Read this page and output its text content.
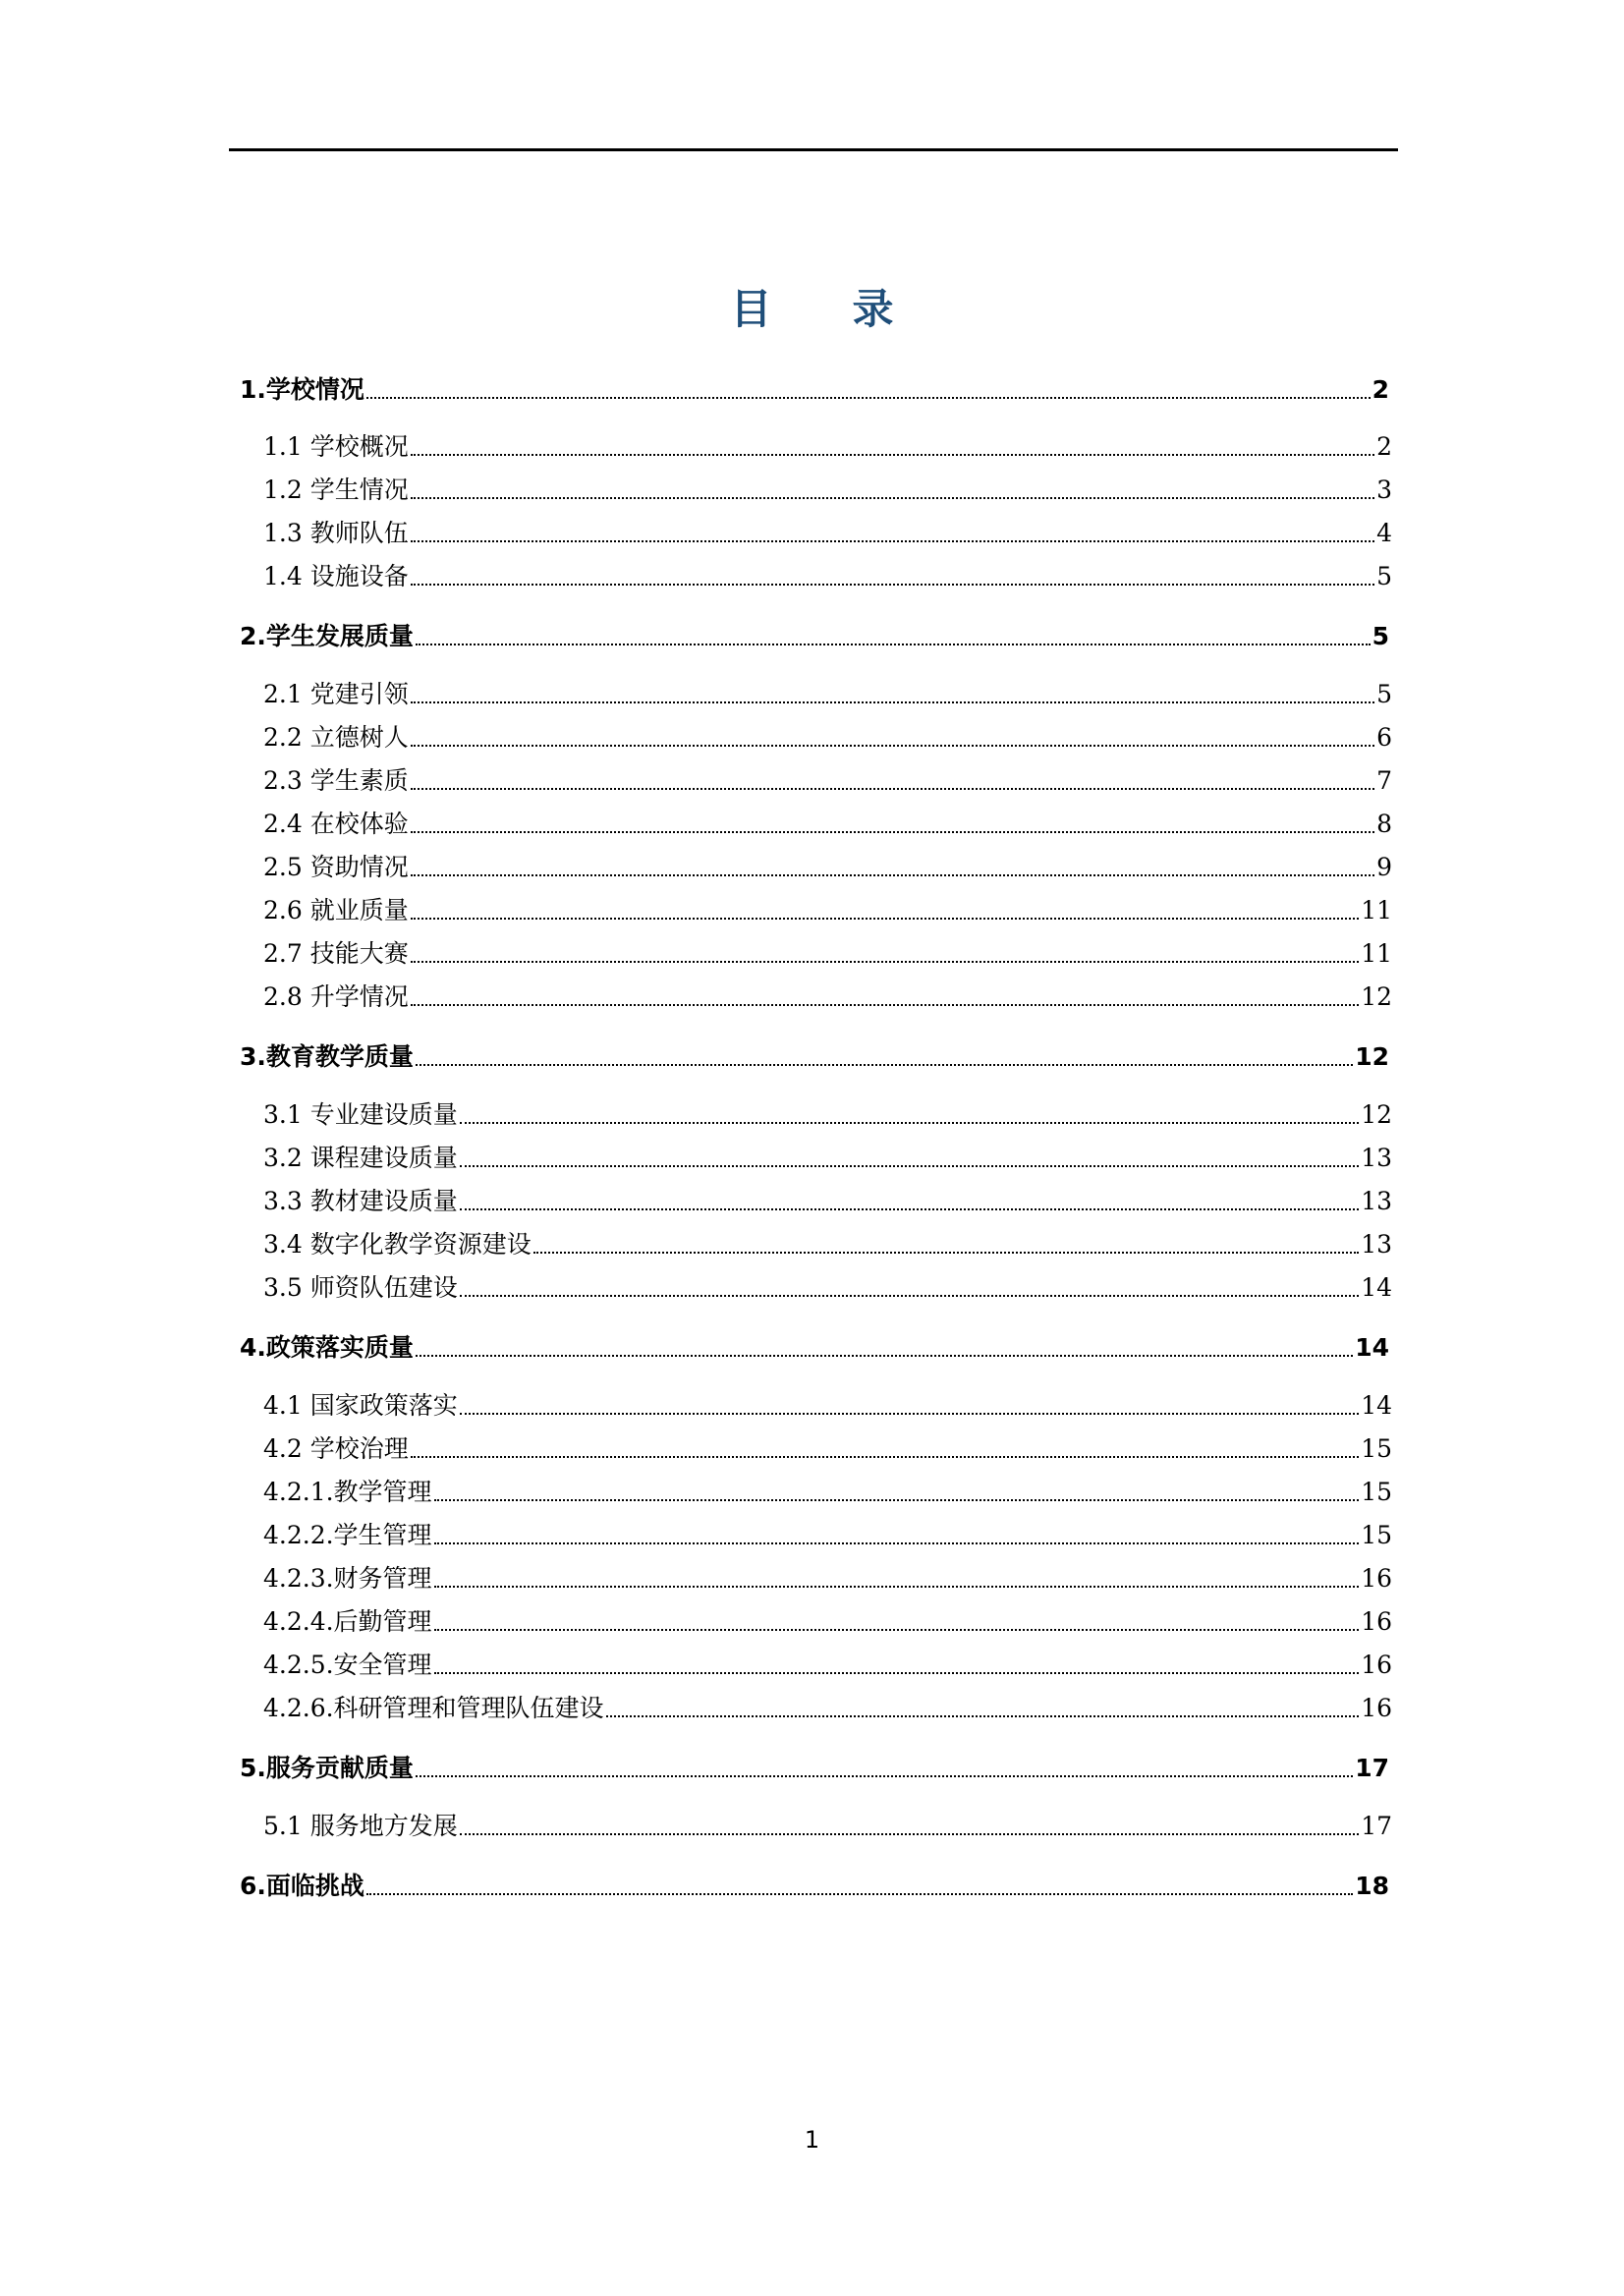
目录
1.学校情况	2
1.1 学校概况	2
1.2 学生情况	3
1.3 教师队伍	4
1.4 设施设备	5
2.学生发展质量	5
2.1 党建引领	5
2.2 立德树人	6
2.3 学生素质	7
2.4 在校体验	8
2.5 资助情况	9
2.6 就业质量	11
2.7 技能大赛	11
2.8 升学情况	12
3.教育教学质量	12
3.1 专业建设质量	12
3.2 课程建设质量	13
3.3 教材建设质量	13
3.4 数字化教学资源建设	13
3.5 师资队伍建设	14
4.政策落实质量	14
4.1 国家政策落实	14
4.2 学校治理	15
4.2.1.教学管理	15
4.2.2.学生管理	15
4.2.3.财务管理	16
4.2.4.后勤管理	16
4.2.5.安全管理	16
4.2.6.科研管理和管理队伍建设	16
5.服务贡献质量	17
5.1 服务地方发展	17
6.面临挑战	18
1
